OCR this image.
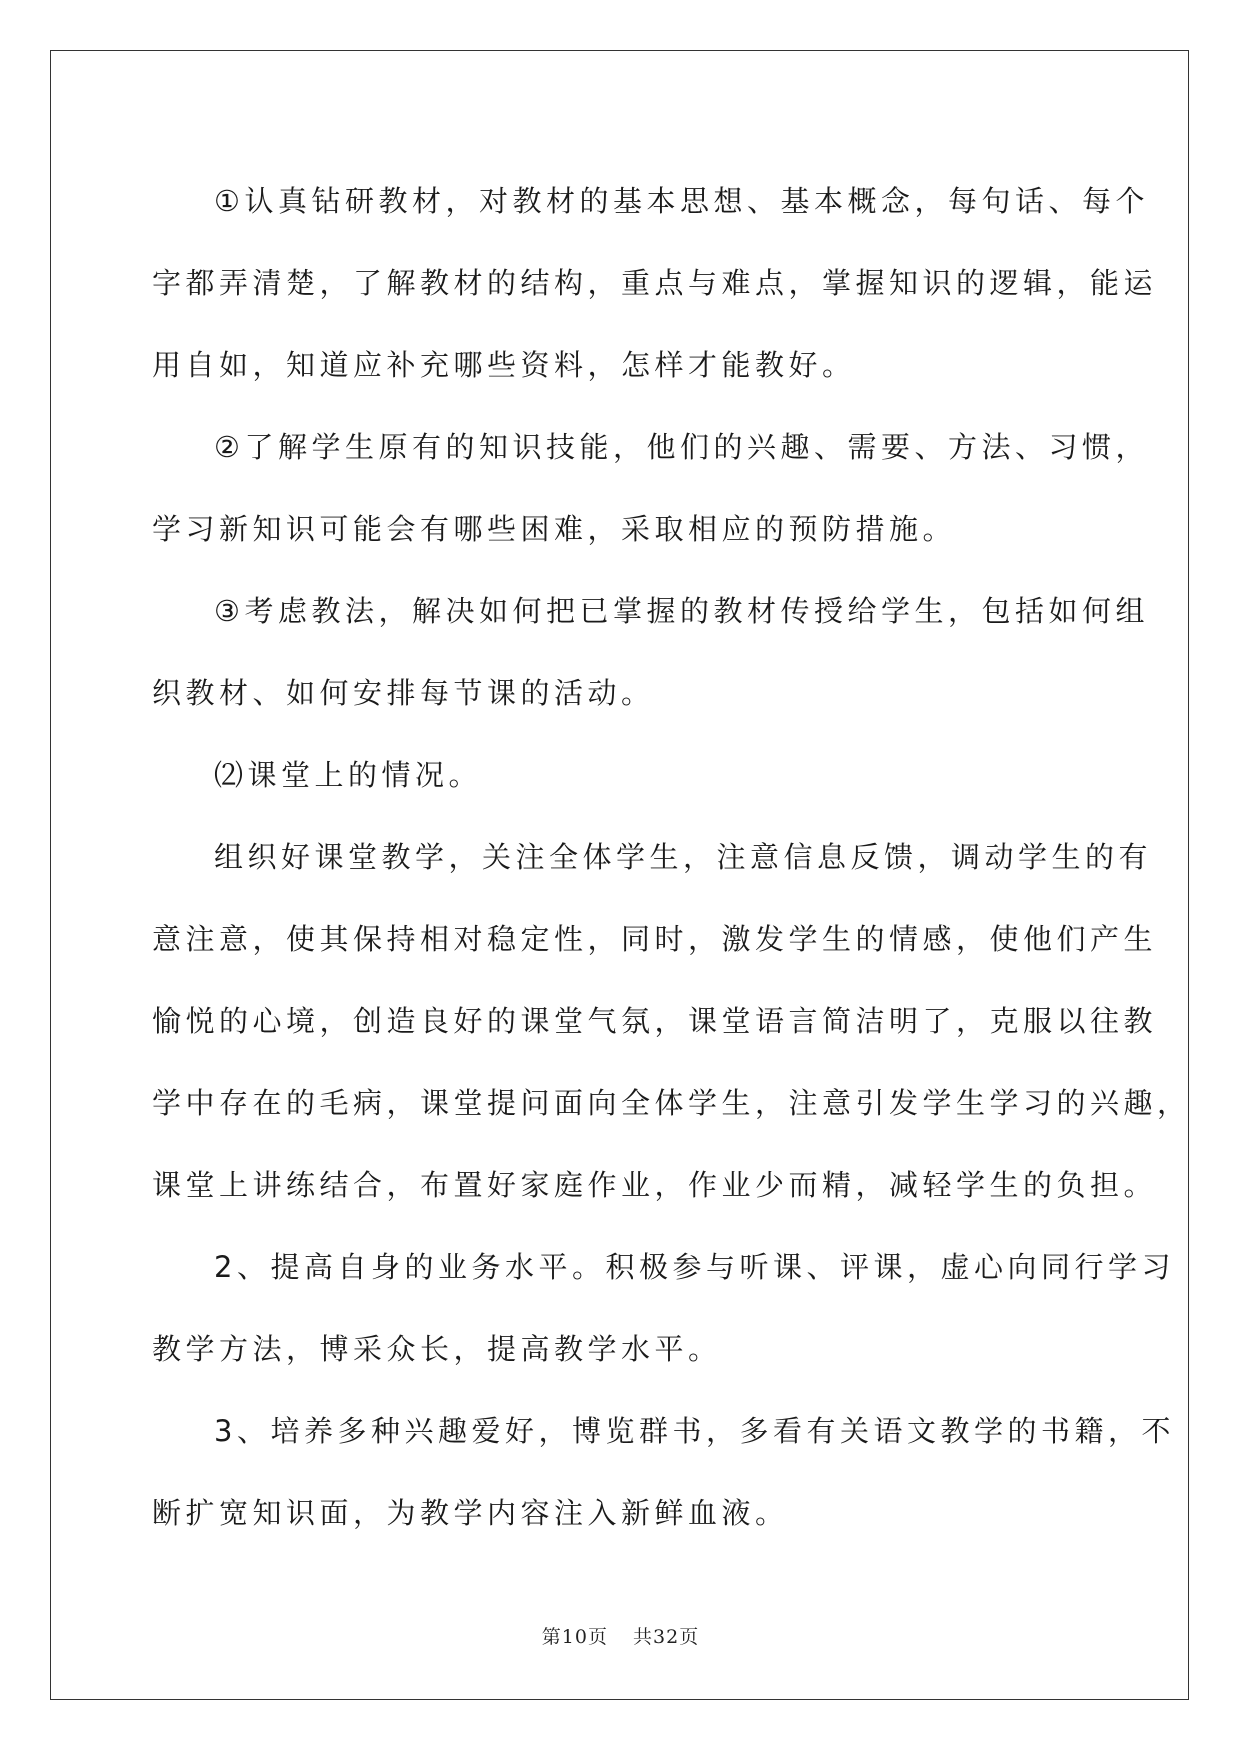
①认真钻研教材，对教材的基本思想、基本概念，每句话、每个
字都弄清楚，了解教材的结构，重点与难点，掌握知识的逻辑，能运
用自如，知道应补充哪些资料，怎样才能教好。

②了解学生原有的知识技能，他们的兴趣、需要、方法、习惯，
学习新知识可能会有哪些困难，采取相应的预防措施。

③考虑教法，解决如何把已掌握的教材传授给学生，包括如何组
织教材、如何安排每节课的活动。

⑵课堂上的情况。

组织好课堂教学，关注全体学生，注意信息反馈，调动学生的有
意注意，使其保持相对稳定性，同时，激发学生的情感，使他们产生
愉悦的心境，创造良好的课堂气氛，课堂语言简洁明了，克服以往教
学中存在的毛病，课堂提问面向全体学生，注意引发学生学习的兴趣，
课堂上讲练结合，布置好家庭作业，作业少而精，减轻学生的负担。

2、提高自身的业务水平。积极参与听课、评课，虚心向同行学习
教学方法，博采众长，提高教学水平。

3、培养多种兴趣爱好，博览群书，多看有关语文教学的书籍，不
断扩宽知识面，为教学内容注入新鲜血液。

第10页 共32页
